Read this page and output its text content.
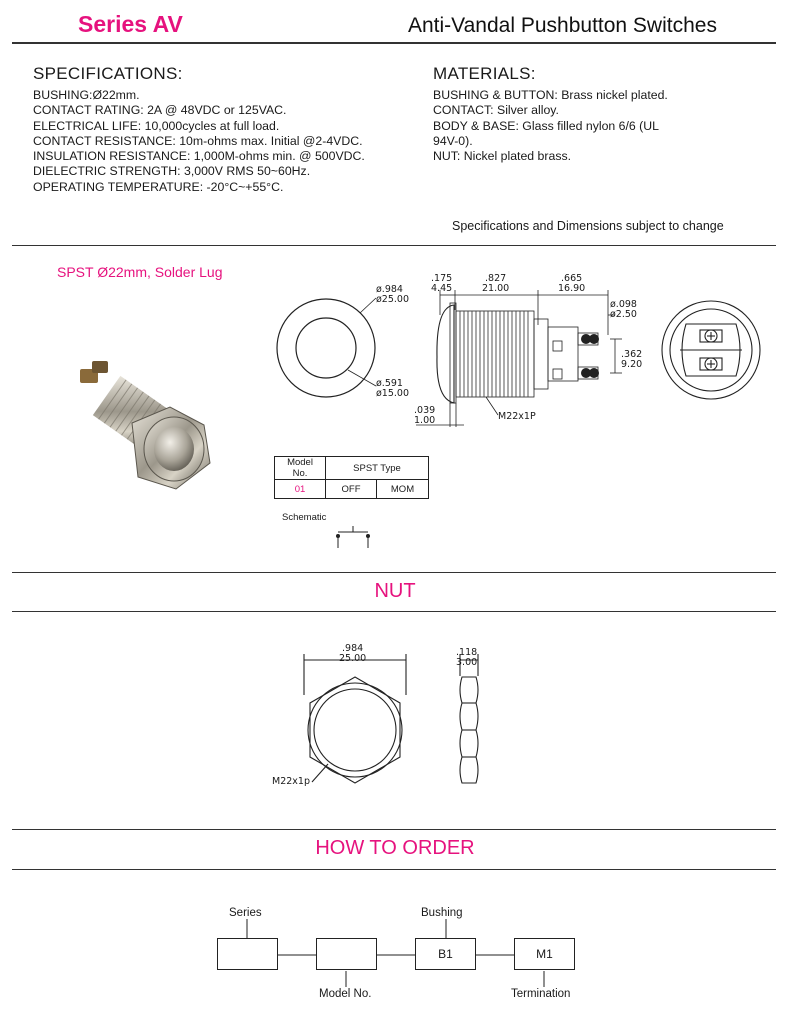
Series AV	Anti-Vandal Pushbutton Switches
SPECIFICATIONS:
BUSHING:Ø22mm.
CONTACT RATING: 2A @ 48VDC or 125VAC.
ELECTRICAL LIFE: 10,000cycles at full load.
CONTACT RESISTANCE: 10m-ohms max. Initial @2-4VDC.
INSULATION RESISTANCE: 1,000M-ohms min. @ 500VDC.
DIELECTRIC STRENGTH: 3,000V RMS 50~60Hz.
OPERATING TEMPERATURE: -20°C~+55°C.
MATERIALS:
BUSHING & BUTTON: Brass nickel plated.
CONTACT: Silver alloy.
BODY & BASE: Glass filled nylon 6/6 (UL
94V-0).
NUT: Nickel plated brass.
Specifications and Dimensions subject to change
SPST Ø22mm, Solder Lug
ø.984
ø25.00
ø.591
ø15.00
.175
4.45
.827
21.00
.665
16.90
ø.098
ø2.50
.362
9.20
.039
1.00	M22x1P
Model No.	SPST Type	
01	OFF	MOM
Schematic
NUT
.984
25.00
M22x1p
.118
3.00
HOW TO ORDER
B1	M1
Series	Bushing
Model No.	Termination
